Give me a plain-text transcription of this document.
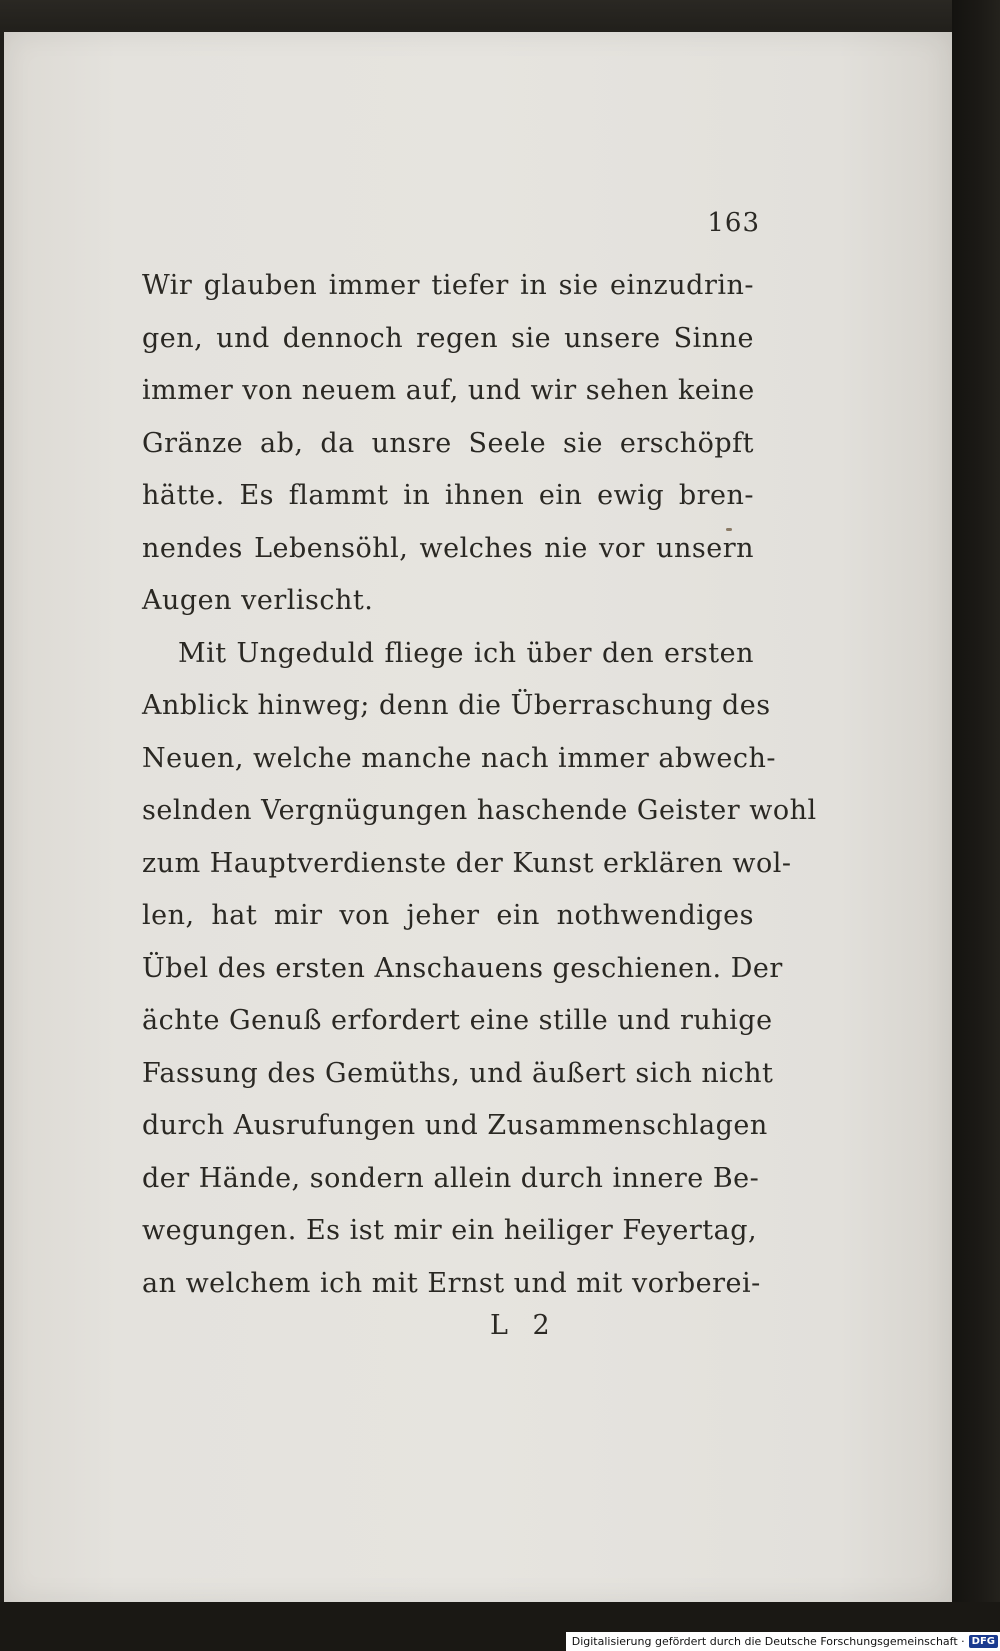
163
Wir glauben immer tiefer in sie einzudrin-
gen, und dennoch regen sie unsere Sinne
immer von neuem auf, und wir sehen keine
Gränze ab, da unsre Seele sie erschöpft
hätte. Es flammt in ihnen ein ewig bren-
nendes Lebensöhl, welches nie vor unsern
Augen verlischt.
Mit Ungeduld fliege ich über den ersten
Anblick hinweg; denn die Überraschung des
Neuen, welche manche nach immer abwech-
selnden Vergnügungen haschende Geister wohl
zum Hauptverdienste der Kunst erklären wol-
len, hat mir von jeher ein nothwendiges
Übel des ersten Anschauens geschienen. Der
ächte Genuß erfordert eine stille und ruhige
Fassung des Gemüths, und äußert sich nicht
durch Ausrufungen und Zusammenschlagen
der Hände, sondern allein durch innere Be-
wegungen. Es ist mir ein heiliger Feyertag,
an welchem ich mit Ernst und mit vorberei-
L 2
Digitalisierung gefördert durch die Deutsche Forschungsgemeinschaft · DFG
